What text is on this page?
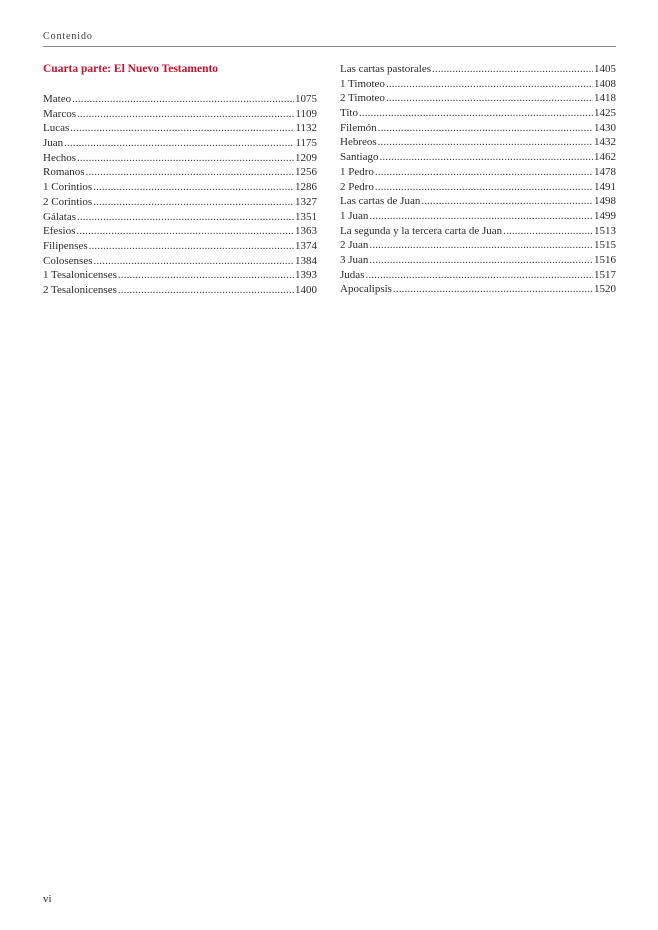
Contenido
Cuarta parte: El Nuevo Testamento
Mateo . . .	1075
Marcos . . .	1109
Lucas . . .	1132
Juan . . .	1175
Hechos . . .	1209
Romanos . . .	1256
1 Corintios . . .	1286
2 Corintios . . .	1327
Gálatas . . .	1351
Efesios . . .	1363
Filipenses . . .	1374
Colosenses . . .	1384
1 Tesalonicenses . . .	1393
2 Tesalonicenses . . .	1400
Las cartas pastorales . . .	1405
1 Timoteo . . .	1408
2 Timoteo . . .	1418
Tito . . .	1425
Filemón . . .	1430
Hebreos . . .	1432
Santiago . . .	1462
1 Pedro . . .	1478
2 Pedro . . .	1491
Las cartas de Juan . . .	1498
1 Juan . . .	1499
La segunda y la tercera carta de Juan . . .	1513
2 Juan . . .	1515
3 Juan . . .	1516
Judas . . .	1517
Apocalipsis . . .	1520
vi
